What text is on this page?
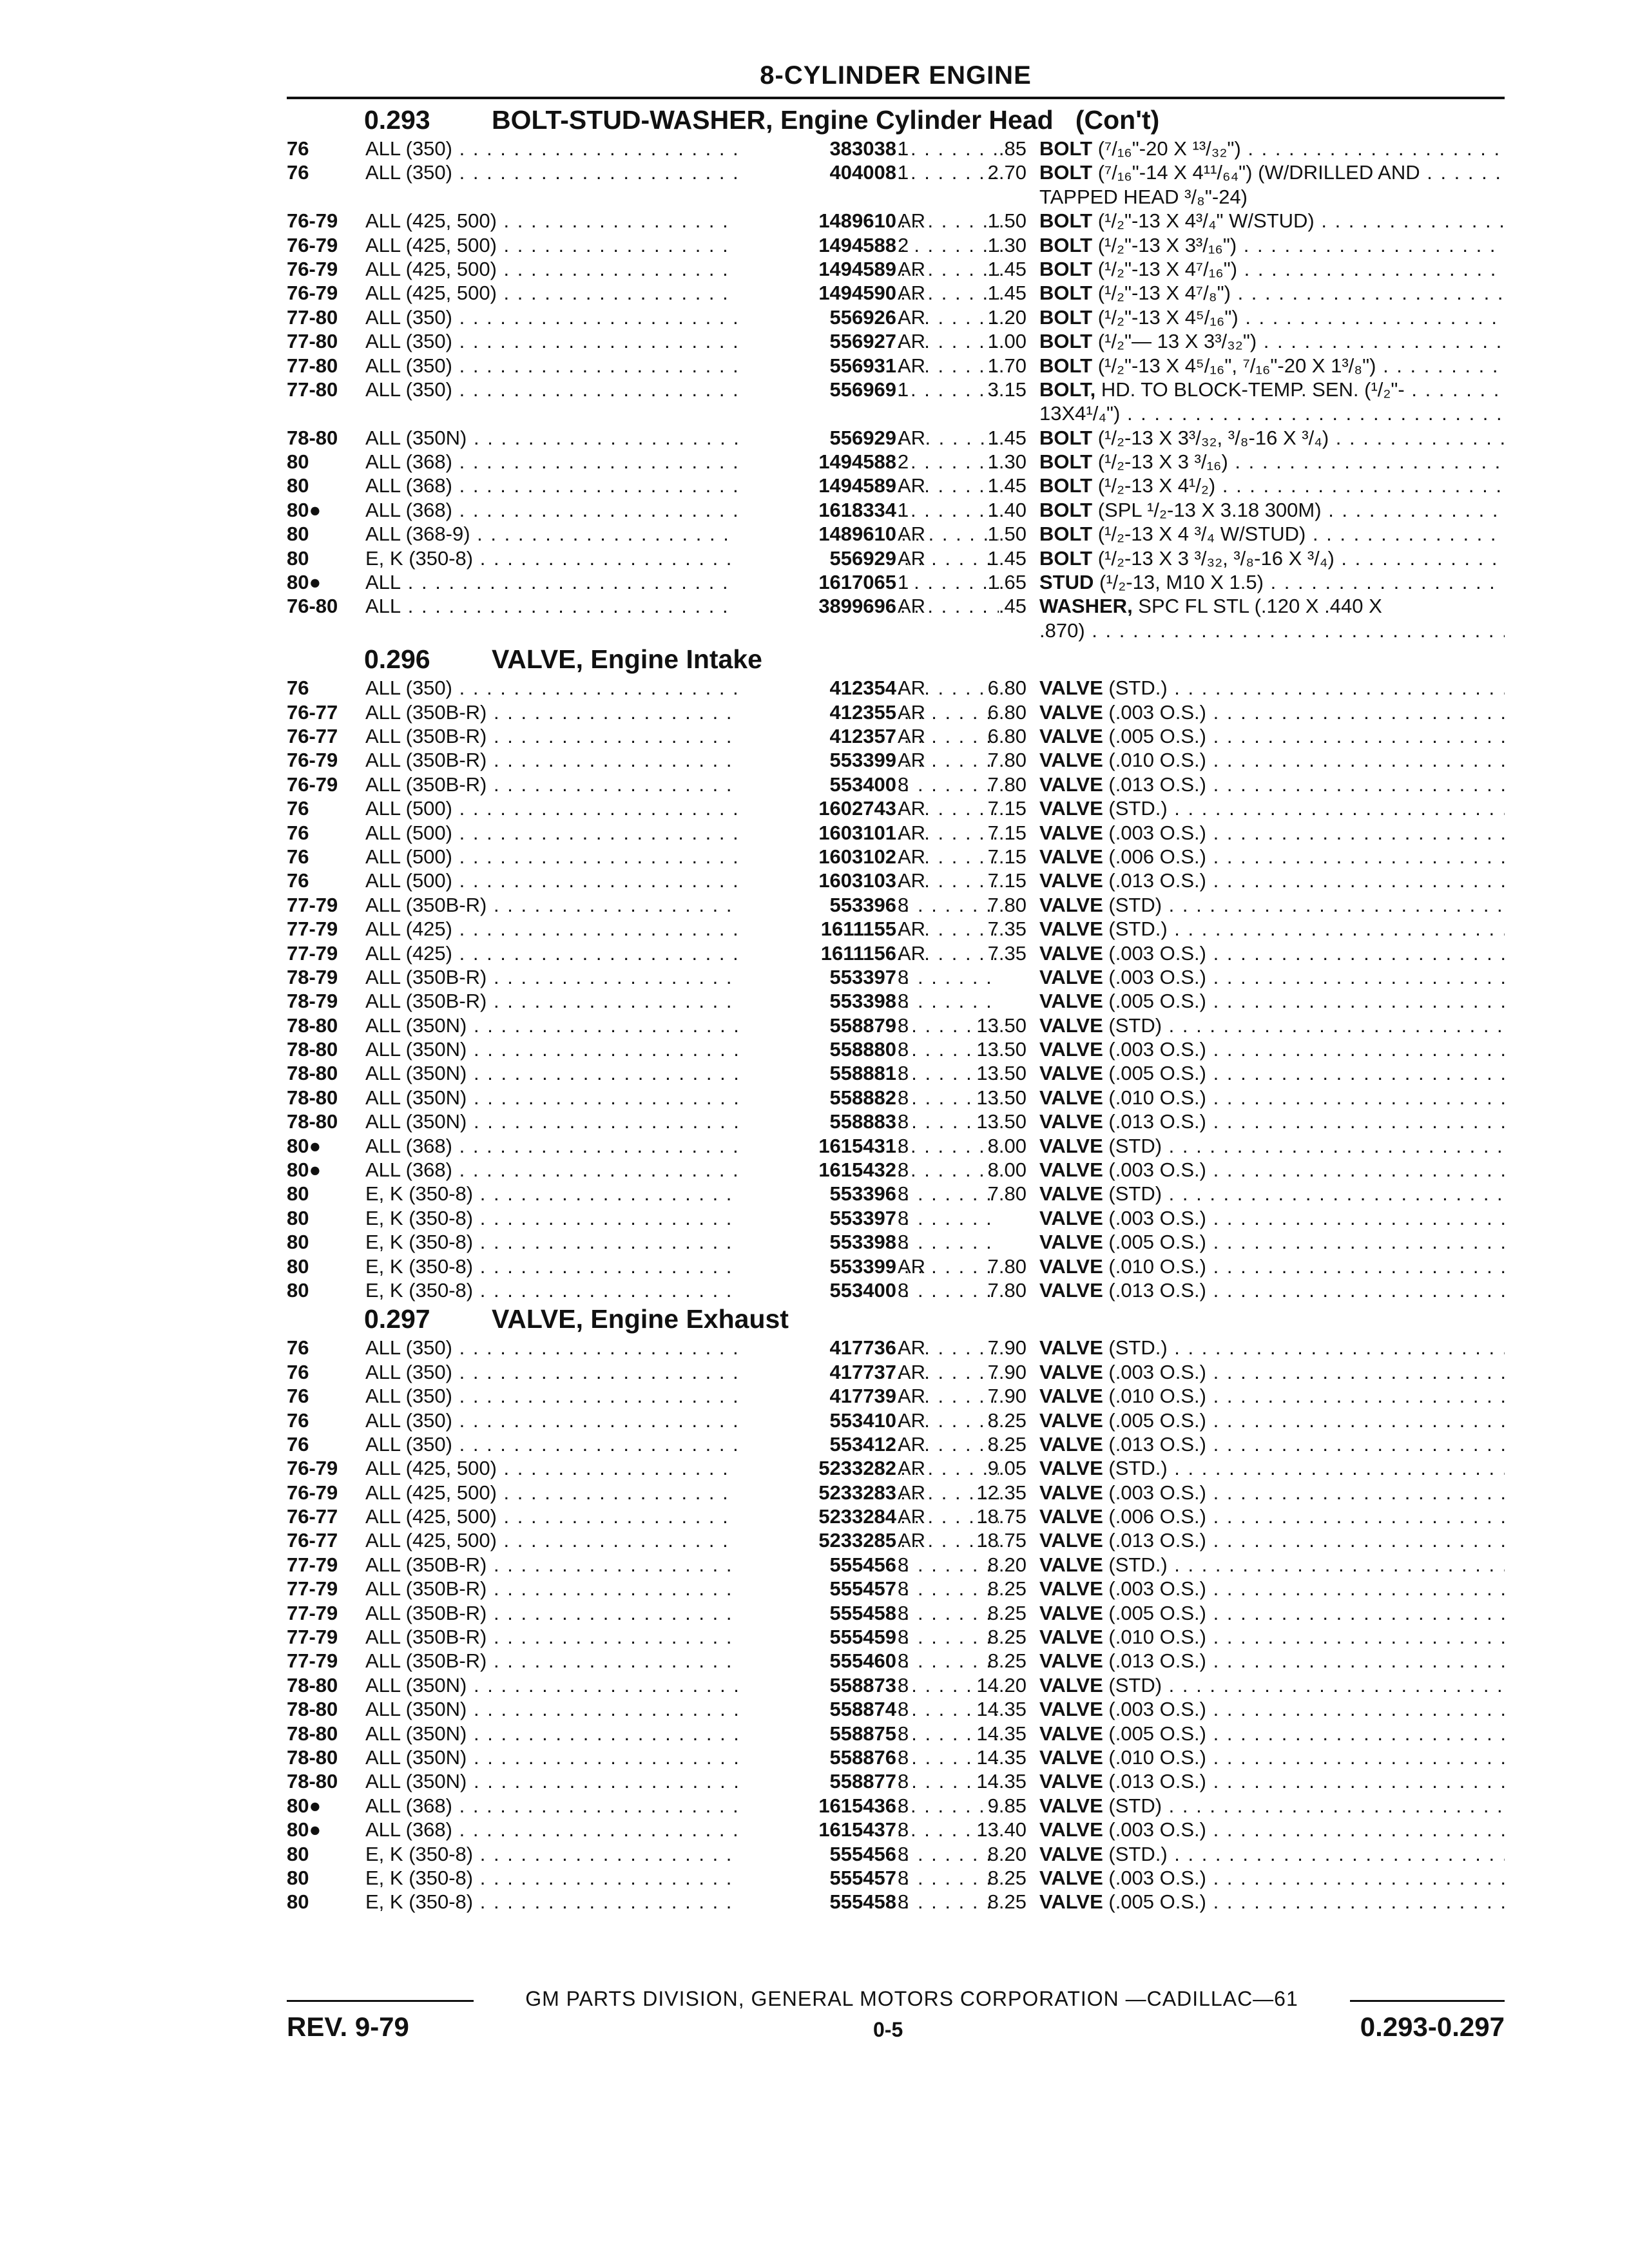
8-CYLINDER ENGINE
0.293 BOLT-STUD-WASHER, Engine Cylinder Head   (Con't)
76	ALL (350) . . .	383038 1	.85 BOLT (⁷/₁₆"-20 X ¹³/₃₂") . . .
76	ALL (350) . . .	404008 1	2.70 BOLT (⁷/₁₆"-14 X 4¹¹/₆₄") (W/DRILLED AND . . .
TAPPED HEAD ³/₈"-24)
76-79 ALL (425, 500) . . .	1489610 AR	1.50 BOLT (¹/₂"-13 X 4³/₄" W/STUD) . . .
76-79 ALL (425, 500) . . .	1494588 2	1.30 BOLT (¹/₂"-13 X 3³/₁₆") . . .
76-79 ALL (425, 500) . . .	1494589 AR	1.45 BOLT (¹/₂"-13 X 4⁷/₁₆") . . .
76-79 ALL (425, 500) . . .	1494590 AR	1.45 BOLT (¹/₂"-13 X 4⁷/₈") . . .
77-80 ALL (350) . . .	556926 AR	1.20 BOLT (¹/₂"-13 X 4⁵/₁₆") . . .
77-80 ALL (350) . . .	556927 AR	1.00 BOLT (¹/₂"— 13 X 3³/₃₂") . . .
77-80 ALL (350) . . .	556931 AR	1.70 BOLT (¹/₂"-13 X 4⁵/₁₆", ⁷/₁₆"-20 X 1³/₈") . . .
77-80 ALL (350) . . .	556969 1	3.15 BOLT, HD. TO BLOCK-TEMP. SEN. (¹/₂"- . . .
13X4¹/₄") . . .
78-80 ALL (350N) . . .	556929 AR	1.45 BOLT (¹/₂-13 X 3³/₃₂, ³/₈-16 X ³/₄) . . .
80	ALL (368) . . .	1494588 2	1.30 BOLT (¹/₂-13 X 3 ³/₁₆) . . .
80	ALL (368) . . .	1494589 AR	1.45 BOLT (¹/₂-13 X 4¹/₂) . . .
80● ALL (368) . . .	1618334 1	1.40 BOLT (SPL ¹/₂-13 X 3.18 300M) . . .
80	ALL (368-9) . . .	1489610 AR	1.50 BOLT (¹/₂-13 X 4 ³/₄ W/STUD) . . .
80	E, K (350-8) . . .	556929 AR	1.45 BOLT (¹/₂-13 X 3 ³/₃₂, ³/₈-16 X ³/₄) . . .
80● ALL . . .	1617065 1	1.65 STUD (¹/₂-13, M10 X 1.5) . . .
76-80 ALL . . .	3899696 AR	.45 WASHER, SPC FL STL (.120 X .440 X
.870) . . .
0.296 VALVE, Engine Intake
76	ALL (350) . . .	412354 AR	6.80 VALVE (STD.) . . .
76-77 ALL (350B-R) . . .	412355 AR	6.80 VALVE (.003 O.S.) . . .
76-77 ALL (350B-R) . . .	412357 AR	6.80 VALVE (.005 O.S.) . . .
76-79 ALL (350B-R) . . .	553399 AR	7.80 VALVE (.010 O.S.) . . .
76-79 ALL (350B-R) . . .	553400 8	7.80 VALVE (.013 O.S.) . . .
76	ALL (500) . . .	1602743 AR	7.15 VALVE (STD.) . . .
76	ALL (500) . . .	1603101 AR	7.15 VALVE (.003 O.S.) . . .
76	ALL (500) . . .	1603102 AR	7.15 VALVE (.006 O.S.) . . .
76	ALL (500) . . .	1603103 AR	7.15 VALVE (.013 O.S.) . . .
77-79 ALL (350B-R) . . .	553396 8	7.80 VALVE (STD) . . .
77-79 ALL (425) . . .	1611155 AR	7.35 VALVE (STD.) . . .
77-79 ALL (425) . . .	1611156 AR	7.35 VALVE (.003 O.S.) . . .
78-79 ALL (350B-R) . . .	553397 8	VALVE (.003 O.S.) . . .
78-79 ALL (350B-R) . . .	553398 8	VALVE (.005 O.S.) . . .
78-80 ALL (350N) . . .	558879 8	13.50 VALVE (STD) . . .
78-80 ALL (350N) . . .	558880 8	13.50 VALVE (.003 O.S.) . . .
78-80 ALL (350N) . . .	558881 8	13.50 VALVE (.005 O.S.) . . .
78-80 ALL (350N) . . .	558882 8	13.50 VALVE (.010 O.S.) . . .
78-80 ALL (350N) . . .	558883 8	13.50 VALVE (.013 O.S.) . . .
80● ALL (368) . . .	1615431 8	8.00 VALVE (STD) . . .
80● ALL (368) . . .	1615432 8	8.00 VALVE (.003 O.S.) . . .
80	E, K (350-8) . . .	553396 8	7.80 VALVE (STD) . . .
80	E, K (350-8) . . .	553397 8	VALVE (.003 O.S.) . . .
80	E, K (350-8) . . .	553398 8	VALVE (.005 O.S.) . . .
80	E, K (350-8) . . .	553399 AR	7.80 VALVE (.010 O.S.) . . .
80	E, K (350-8) . . .	553400 8	7.80 VALVE (.013 O.S.) . . .
0.297 VALVE, Engine Exhaust
76	ALL (350) . . .	417736 AR	7.90 VALVE (STD.) . . .
76	ALL (350) . . .	417737 AR	7.90 VALVE (.003 O.S.) . . .
76	ALL (350) . . .	417739 AR	7.90 VALVE (.010 O.S.) . . .
76	ALL (350) . . .	553410 AR	8.25 VALVE (.005 O.S.) . . .
76	ALL (350) . . .	553412 AR	8.25 VALVE (.013 O.S.) . . .
76-79 ALL (425, 500) . . .	5233282 AR	9.05 VALVE (STD.) . . .
76-79 ALL (425, 500) . . .	5233283 AR	12.35 VALVE (.003 O.S.) . . .
76-77 ALL (425, 500) . . .	5233284 AR	18.75 VALVE (.006 O.S.) . . .
76-77 ALL (425, 500) . . .	5233285 AR	18.75 VALVE (.013 O.S.) . . .
77-79 ALL (350B-R) . . .	555456 8	8.20 VALVE (STD.) . . .
77-79 ALL (350B-R) . . .	555457 8	8.25 VALVE (.003 O.S.) . . .
77-79 ALL (350B-R) . . .	555458 8	8.25 VALVE (.005 O.S.) . . .
77-79 ALL (350B-R) . . .	555459 8	8.25 VALVE (.010 O.S.) . . .
77-79 ALL (350B-R) . . .	555460 8	8.25 VALVE (.013 O.S.) . . .
78-80 ALL (350N) . . .	558873 8	14.20 VALVE (STD) . . .
78-80 ALL (350N) . . .	558874 8	14.35 VALVE (.003 O.S.) . . .
78-80 ALL (350N) . . .	558875 8	14.35 VALVE (.005 O.S.) . . .
78-80 ALL (350N) . . .	558876 8	14.35 VALVE (.010 O.S.) . . .
78-80 ALL (350N) . . .	558877 8	14.35 VALVE (.013 O.S.) . . .
80● ALL (368) . . .	1615436 8	9.85 VALVE (STD) . . .
80● ALL (368) . . .	1615437 8	13.40 VALVE (.003 O.S.) . . .
80	E, K (350-8) . . .	555456 8	8.20 VALVE (STD.) . . .
80	E, K (350-8) . . .	555457 8	8.25 VALVE (.003 O.S.) . . .
80	E, K (350-8) . . .	555458 8	8.25 VALVE (.005 O.S.) . . .
GM PARTS DIVISION, GENERAL MOTORS CORPORATION —CADILLAC—61
REV. 9-79	0-5	0.293-0.297
